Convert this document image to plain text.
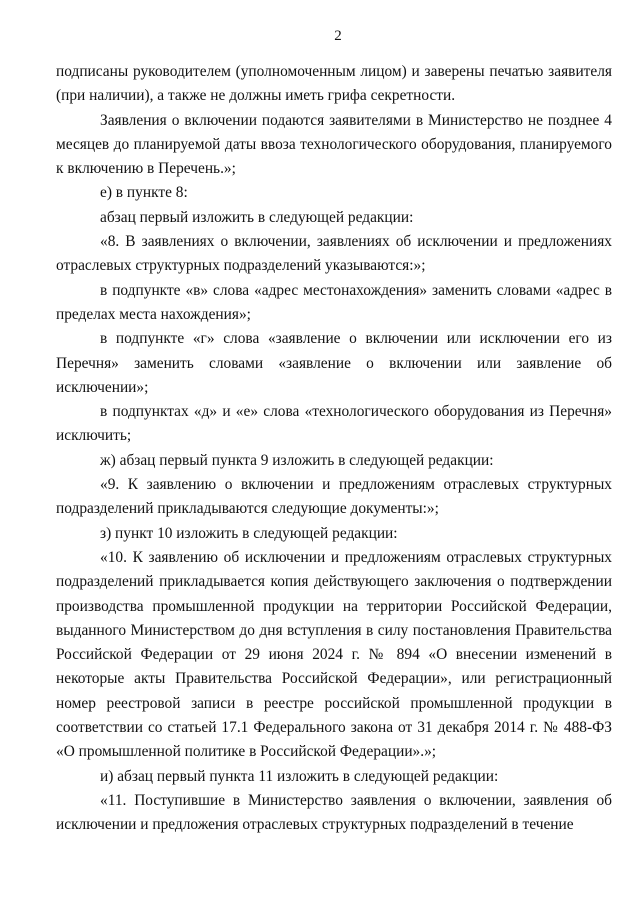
2

подписаны руководителем (уполномоченным лицом) и заверены печатью заявителя (при наличии), а также не должны иметь грифа секретности.

Заявления о включении подаются заявителями в Министерство не позднее 4 месяцев до планируемой даты ввоза технологического оборудования, планируемого к включению в Перечень.»;

е) в пункте 8:

абзац первый изложить в следующей редакции:

«8. В заявлениях о включении, заявлениях об исключении и предложениях отраслевых структурных подразделений указываются:»;

в подпункте «в» слова «адрес местонахождения» заменить словами «адрес в пределах места нахождения»;

в подпункте «г» слова «заявление о включении или исключении его из Перечня» заменить словами «заявление о включении или заявление об исключении»;

в подпунктах «д» и «е» слова «технологического оборудования из Перечня» исключить;

ж) абзац первый пункта 9 изложить в следующей редакции:

«9. К заявлению о включении и предложениям отраслевых структурных подразделений прикладываются следующие документы:»;

з) пункт 10 изложить в следующей редакции:

«10. К заявлению об исключении и предложениям отраслевых структурных подразделений прикладывается копия действующего заключения о подтверждении производства промышленной продукции на территории Российской Федерации, выданного Министерством до дня вступления в силу постановления Правительства Российской Федерации от 29 июня 2024 г. № 894 «О внесении изменений в некоторые акты Правительства Российской Федерации», или регистрационный номер реестровой записи в реестре российской промышленной продукции в соответствии со статьей 17.1 Федерального закона от 31 декабря 2014 г. № 488-ФЗ «О промышленной политике в Российской Федерации».»;

и) абзац первый пункта 11 изложить в следующей редакции:

«11. Поступившие в Министерство заявления о включении, заявления об исключении и предложения отраслевых структурных подразделений в течение
